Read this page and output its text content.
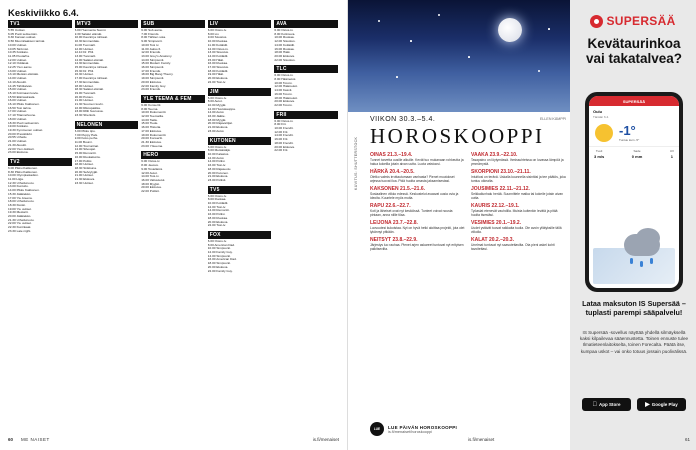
Keskiviikko 6.4.
TV1
5.55 Uutiset.
6.05 Puoli seitsemän.
9.30 Kansan uutiset.
9.50 Muumilaakson tarinat.
10.00 Uutiset.
10.05 Strömsö.
10.35 Kotikatu.
11.05 Puutarha.
12.00 Uutiset.
12.10 Oddasat.
12.25 Ylen aamu.
13.00 Uutiset.
13.10 Metsän elämää.
14.00 Uutiset.
14.10 Akuutti.
14.45 Tähtitaivas.
15.00 Uutiset.
15.10 Kotimaan kuvia.
15.50 Eläinsairaala.
16.00 Uutiset.
16.10 Pikku Kakkonen.
16.50 Tosi tarina.
17.00 Uutiset.
17.10 Tilannehuone.
18.00 Uutiset.
18.30 Puoli seitsemän.
19.00 Kotikatu.
19.30 Kymmenen uutiset.
20.00 Pressiklubi.
20.55 Urheilu.
21.00 Uutiset.
21.30 Akuutti.
22.00 Ylen dokkari.
23.00 Elokuva.
TV2
6.00 Pikku Kakkonen.
8.30 Pikku Kakkonen.
10.00 Olympiastadion.
11.00 Liiga.
12.30 Urheiluruutu.
13.00 Kuntoilu.
14.00 Pikku Kakkonen.
15.30 Jääkiekko.
17.00 Yle Areena.
18.00 Urheiluruutu.
18.30 Kioski.
19.00 Yle uutiset.
19.30 Mestarit.
20.00 Jääkiekko.
21.30 Urheiluruutu.
22.00 Yle uutiset.
22.30 Kuninkaat.
23.30 Late night.
MTV3
6.00 Huomenta Suomi.
9.30 Salatut elämät.
10.00 Kauniit ja rohkeat.
10.30 Emmerdale.
11.00 Tuomarit.
12.00 Uutiset.
12.10 Dr. Phil.
13.00 Tuomarit.
14.00 Salatut elämät.
14.30 Emmerdale.
15.00 Kauniit ja rohkeat.
15.30 Dr. Phil.
16.30 Uutiset.
17.00 Kauniit ja rohkeat.
17.30 Emmerdale.
18.00 Uutiset.
18.30 Salatut elämät.
19.00 Tuomarit.
20.00 Putous.
21.00 Uutiset.
21.30 Suomen kovin.
22.00 Rikospaikka.
23.00 Rillit huurussa.
23.30 Sherlock.
NELONEN
6.00 Pikku tipu.
7.00 Puppy Pals.
9.00 Koko perhe.
11.00 Buumi.
12.00 Tosi tarinat.
14.00 Siivoojat.
15.00 Remontti.
16.00 Ruokakunta.
17.00 Poliisi.
18.00 Uutiset.
18.30 Sinkkuna.
20.00 Selviytyjät.
21.00 Uutiset.
21.30 Elokuva.
23.30 Uutiset.
SUB
6.00 Sub aamu.
7.00 Friends.
8.00 Tähtien sota.
9.00 Simpsonit.
10.00 Tosi tv.
11.00 Jakso 6.
12.00 Friends.
13.00 Grey's Anatomy.
14.00 Simpsonit.
15.00 Modern Family.
16.00 Simpsonit.
17.00 Friends.
18.00 Big Bang Theory.
19.00 Simpsonit.
20.00 Elokuva.
22.00 Family Guy.
23.00 Friends.
YLE TEEMA & FEM
6.00 Konsertti.
8.00 Teema.
10.00 Dokumentti.
12.00 Teemailta.
14.00 Taide.
15.00 Tiede.
16.00 Historia.
17.00 Elokuva.
19.00 Dokumentti.
20.00 Konsertti.
21.30 Elokuva.
23.00 Yöteema.
HERO
6.00 Ostos-tv.
8.00 Jeesus.
9.00 Tosielämä.
12.00 Autot.
14.00 Tosi-tv.
16.00 Valtuutetut.
18.00 Myyjät.
20.00 Elokuva.
22.00 Poliisit.
LIV
6.00 Ostos-tv.
8.00 Liv.
9.00 Sisustus.
10.00 Ruokaa.
11.00 Kotiäidit.
12.00 Ostos-tv.
13.00 Sisustus.
14.00 Kotiäidit.
15.00 Häät.
16.00 Ruokaa.
17.00 Sisustus.
18.00 Kotiäidit.
19.00 Häät.
20.00 Elokuva.
22.00 Tosi-tv.
JIM
6.00 Ostos-tv.
8.00 Autot.
10.00 Myyjät.
12.00 Huutokauppa.
14.00 Autot.
16.00 Jäätie.
18.00 Myyjät.
20.00 Rajavartijat.
21.00 Elokuva.
23.00 Autot.
KUTONEN
6.00 Ostos-tv.
8.00 Metsästäjä.
10.00 Kalastus.
12.00 Autot.
14.00 Poliisi.
16.00 Tosi-tv.
18.00 Rajaseutu.
20.00 Kutonen.
21.00 Elokuva.
23.00 Poliisit.
TV5
6.00 Ostos-tv.
8.00 Ruokaa.
10.00 Kotiäidit.
12.00 Tosi-tv.
14.00 Remontti.
16.00 Poliisi.
18.00 Ruokaa.
20.00 Elokuva.
22.00 Tosi-tv.
FOX
6.00 Ostos-tv.
8.00 American Dad.
10.00 Simpsonit.
12.00 Family Guy.
14.00 Simpsonit.
16.00 American Dad.
18.00 Simpsonit.
20.00 Elokuva.
22.00 Family Guy.
AVA
6.00 Ostos-tv.
8.00 Kotirouva.
10.00 Ruokaa.
12.00 Sisustus.
14.00 Kotiäidit.
16.00 Ruokaa.
18.00 Häät.
20.00 Elokuva.
22.00 Sisustus.
TLC
6.00 Ostos-tv.
8.00 Häämekot.
10.00 Tosi-tv.
12.00 Häämekot.
14.00 Kasvit.
16.00 Tosi-tv.
18.00 Häämekot.
20.00 Elokuva.
22.00 Tosi-tv.
FRII
6.00 Ostos-tv.
8.00 Frii.
10.00 Frendit.
12.00 Frii.
14.00 Frendit.
16.00 Frii.
18.00 Frendit.
20.00 Elokuva.
22.00 Frii.
60 ME NAISET	is.fi/menaiset
KUVITUS: SHUTTERSTOCK
VIIKON 30.3.–5.4.	ELLEN KÄMPPI
HOROSKOOPPI
OINAS 21.3.–19.4.
Tunnet tarvetta uusille alkuille. Kevät tuo mukanaan rohkeutta ja halua kokeilla jotain aivan uutta. Luota vaistoosi.
HÄRKÄ 20.4.–20.5.
Oletko valmis irrottautumaan vanhasta? Pienet muutokset arjessa tuovat iloa. Pidä huolta omasta jaksamisestasi.
KAKSONEN 21.5.–21.6.
Sosiaalinen viikko edessä. Keskustelut avaavat uusia ovia ja ideoita. Kuuntele myös muita.
RAPU 22.6.–22.7.
Koti ja läheiset ovat nyt keskiössä. Tunteet voivat nousta pintaan, anna niille tilaa.
LEIJONA 23.7.–22.8.
Luovuutesi kukoistaa. Nyt on hyvä hetki aloittaa projekti, jota olet lykännyt pitkään.
NEITSYT 23.8.–22.9.
Järjestys luo rauhaa. Pienet arjen askareet tuntuvat nyt erityisen palkitsevilta.
VAAKA 23.9.–22.10.
Tasapaino on löytymässä. Ihmissuhteissa on luvassa lämpöä ja ymmärrystä.
SKORPIONI 23.10.–21.11.
Intuitiosi on terävä. Uskalla kuunnella sisintäsi ja tee päätös, joka tuntuu oikealta.
JOUSIMIES 22.11.–21.12.
Seikkailunhalu herää. Suunnittele matka tai kokeile jotain aivan uutta.
KAURIS 22.12.–19.1.
Työasiat etenevät vauhdilla. Muista kuitenkin levätä ja pitää huolta itsestäsi.
VESIMIES 20.1.–19.2.
Uudet ystävät tuovat raikkaita tuulia. Ole avoin yllätyksille tällä viikolla.
KALAT 20.2.–20.3.
Unelmat tuntuvat nyt saavutettavilta. Ota pieni askel kohti tavoitettasi.
LUE	LUE PÄIVÄN HOROSKOOPPI
is.fi/menaiset/horoskooppi
SUPERSÄÄ
Kevätaurinkoa vai takatalvea?
SUPERSÄÄ
Oulu
Tänään 6.4.
-1°
Tuntuu kuin -5°
Tuuli
3 m/s
Sade
0 mm
UV
1
Lataa maksuton IS Supersää – tuplasti parempi sääpalvelu!
IS Supersää -sovellus näyttää yhdellä silmäyksellä kaksi kilpailevaa sääennustetta. Toinen ennuste tulee Ilmatieteenlaitokselta, toinen Forecalta. Päätä itse, kumpaa uskot – vai onko totuus jossain puolivälissä.
App Store	▶ Google Play
61
is.fi/menaiset
